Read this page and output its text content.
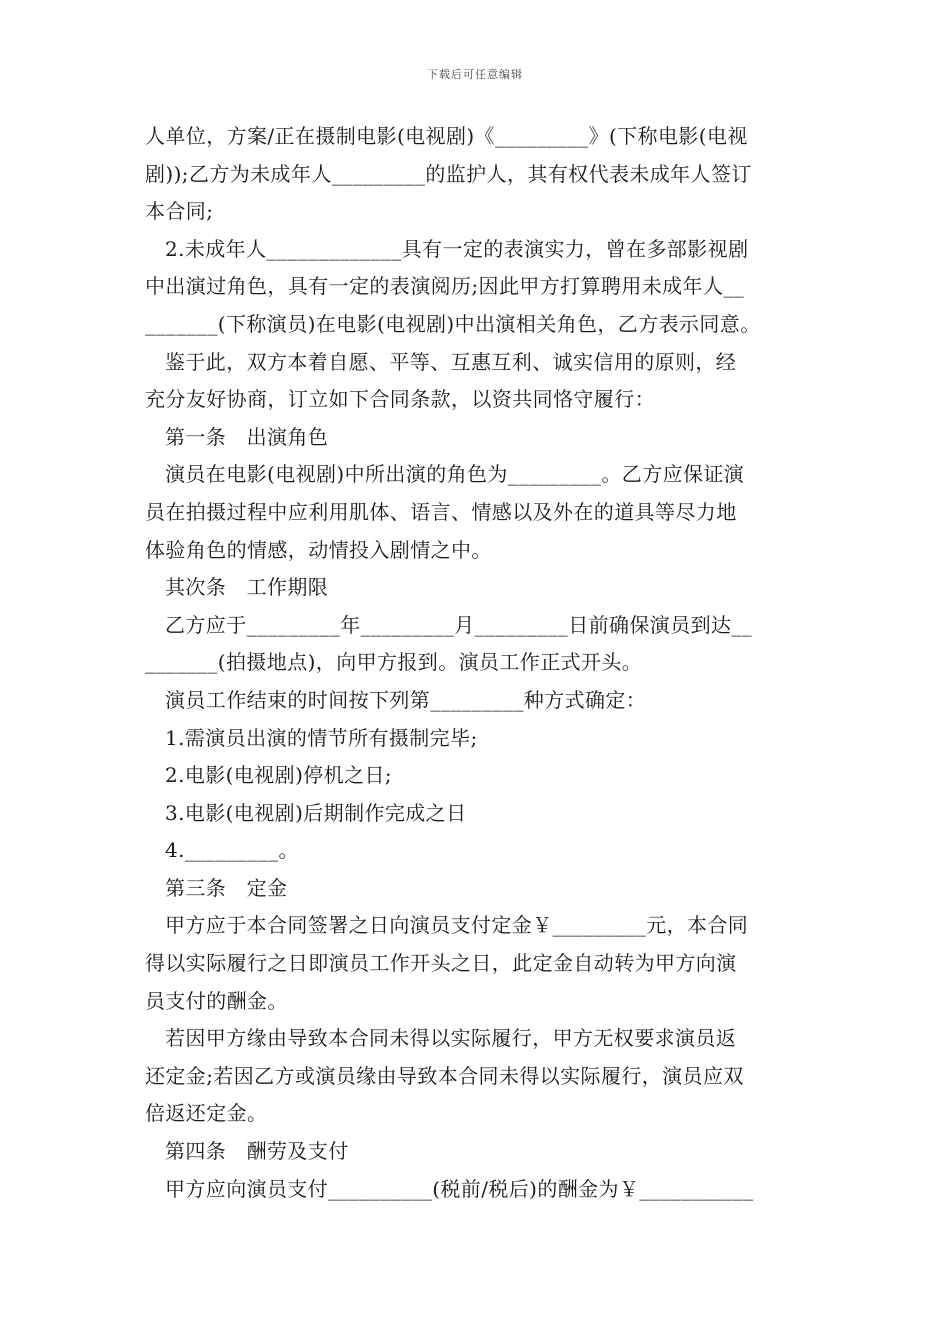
下载后可任意编辑
人单位，方案/正在摄制电影(电视剧)《_________》(下称电影(电视
剧));乙方为未成年人_________的监护人，其有权代表未成年人签订
本合同;
2.未成年人_____________具有一定的表演实力，曾在多部影视剧
中出演过角色，具有一定的表演阅历;因此甲方打算聘用未成年人__
_______(下称演员)在电影(电视剧)中出演相关角色，乙方表示同意。
鉴于此，双方本着自愿、平等、互惠互利、诚实信用的原则，经
充分友好协商，订立如下合同条款，以资共同恪守履行：
第一条　出演角色
演员在电影(电视剧)中所出演的角色为_________。乙方应保证演
员在拍摄过程中应利用肌体、语言、情感以及外在的道具等尽力地
体验角色的情感，动情投入剧情之中。
其次条　工作期限
乙方应于_________年_________月_________日前确保演员到达__
_______(拍摄地点)，向甲方报到。演员工作正式开头。
演员工作结束的时间按下列第_________种方式确定：
1.需演员出演的情节所有摄制完毕;
2.电影(电视剧)停机之日;
3.电影(电视剧)后期制作完成之日
4._________。
第三条　定金
甲方应于本合同签署之日向演员支付定金￥_________元，本合同
得以实际履行之日即演员工作开头之日，此定金自动转为甲方向演
员支付的酬金。
若因甲方缘由导致本合同未得以实际履行，甲方无权要求演员返
还定金;若因乙方或演员缘由导致本合同未得以实际履行，演员应双
倍返还定金。
第四条　酬劳及支付
甲方应向演员支付__________(税前/税后)的酬金为￥___________
